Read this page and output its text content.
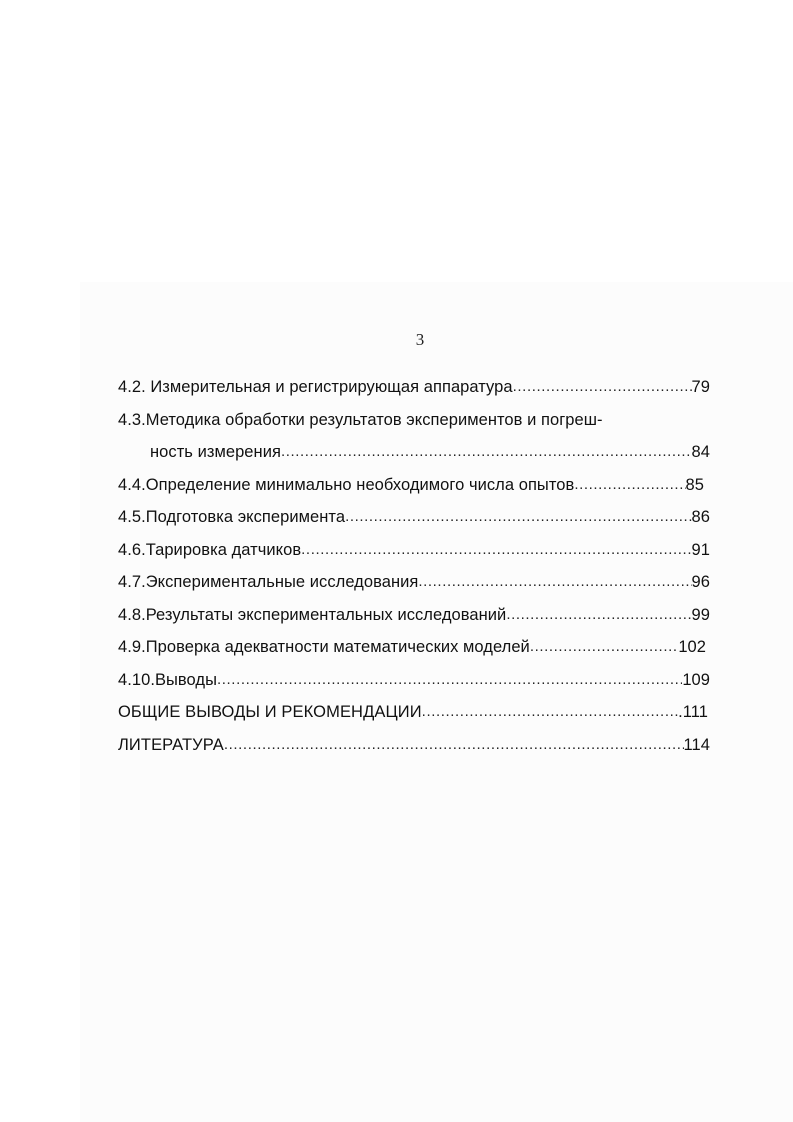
3
4.2. Измерительная и регистрирующая аппаратура .....	79
4.3.Методика обработки результатов экспериментов и погреш-
ность измерения .....	84
4.4.Определение минимально необходимого числа опытов .....	85
4.5.Подготовка эксперимента .....	86
4.6.Тарировка датчиков .....	91
4.7.Экспериментальные исследования .....	96
4.8.Результаты экспериментальных исследований .....	99
4.9.Проверка адекватности математических моделей .....	102
4.10.Выводы .....	109
ОБЩИЕ ВЫВОДЫ И РЕКОМЕНДАЦИИ .....	.111
ЛИТЕРАТУРА .....	114
